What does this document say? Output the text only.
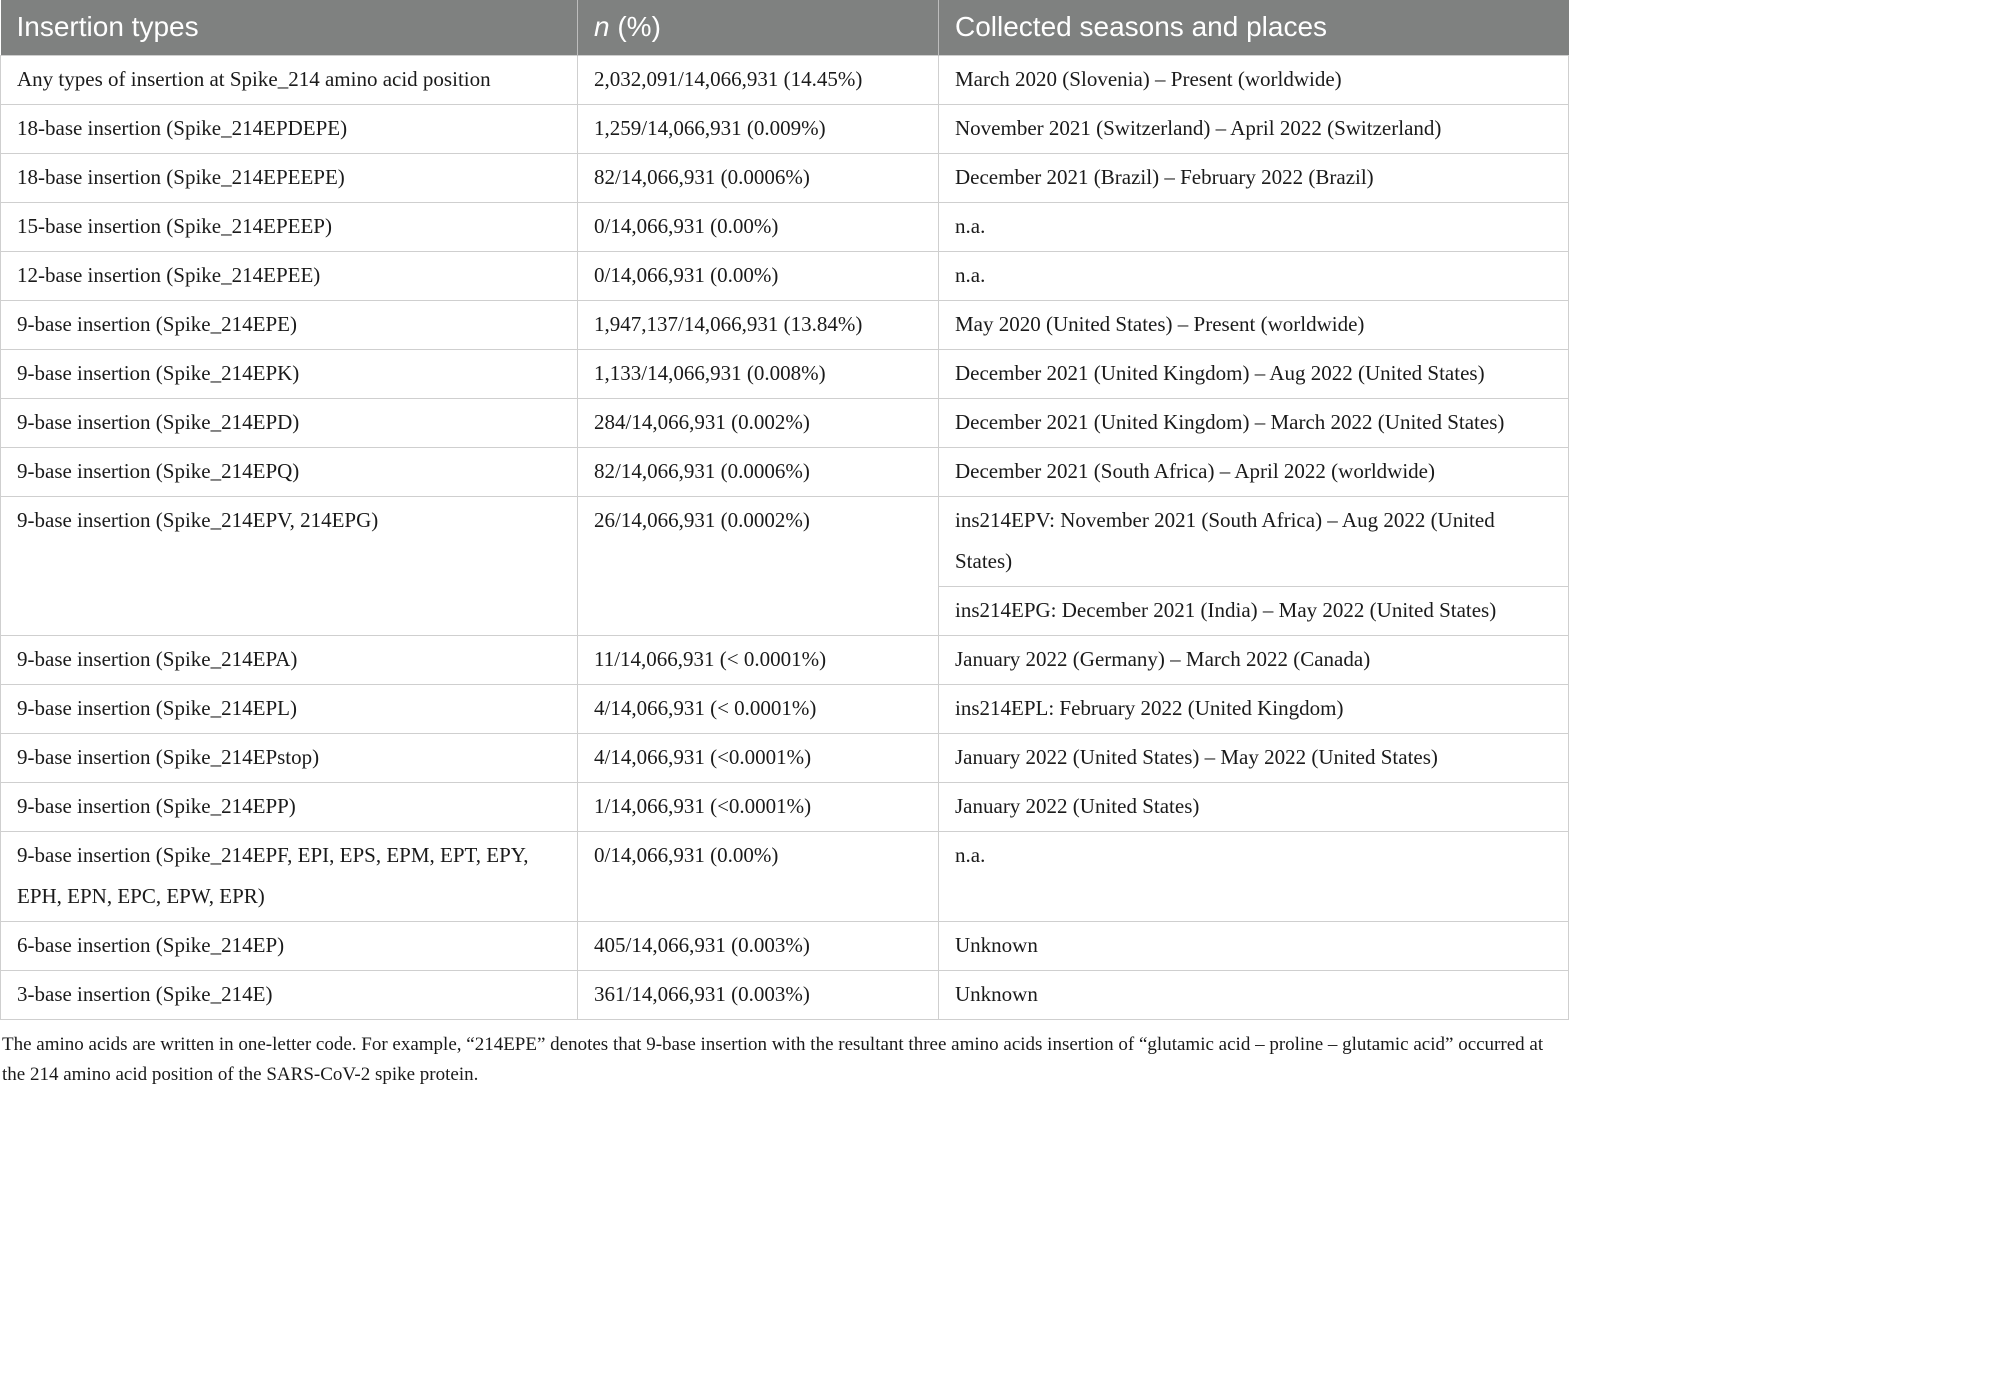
Insertion types	n (%)	Collected seasons and places
Any types of insertion at Spike_214 amino acid position	2,032,091/14,066,931 (14.45%)	March 2020 (Slovenia) – Present (worldwide)
18-base insertion (Spike_214EPDEPE)	1,259/14,066,931 (0.009%)	November 2021 (Switzerland) – April 2022 (Switzerland)
18-base insertion (Spike_214EPEEPE)	82/14,066,931 (0.0006%)	December 2021 (Brazil) – February 2022 (Brazil)
15-base insertion (Spike_214EPEEP)	0/14,066,931 (0.00%)	n.a.
12-base insertion (Spike_214EPEE)	0/14,066,931 (0.00%)	n.a.
9-base insertion (Spike_214EPE)	1,947,137/14,066,931 (13.84%)	May 2020 (United States) – Present (worldwide)
9-base insertion (Spike_214EPK)	1,133/14,066,931 (0.008%)	December 2021 (United Kingdom) – Aug 2022 (United States)
9-base insertion (Spike_214EPD)	284/14,066,931 (0.002%)	December 2021 (United Kingdom) – March 2022 (United States)
9-base insertion (Spike_214EPQ)	82/14,066,931 (0.0006%)	December 2021 (South Africa) – April 2022 (worldwide)
9-base insertion (Spike_214EPV, 214EPG)	26/14,066,931 (0.0002%)	ins214EPV: November 2021 (South Africa) – Aug 2022 (United States)
		ins214EPG: December 2021 (India) – May 2022 (United States)
9-base insertion (Spike_214EPA)	11/14,066,931 (< 0.0001%)	January 2022 (Germany) – March 2022 (Canada)
9-base insertion (Spike_214EPL)	4/14,066,931 (< 0.0001%)	ins214EPL: February 2022 (United Kingdom)
9-base insertion (Spike_214EPstop)	4/14,066,931 (<0.0001%)	January 2022 (United States) – May 2022 (United States)
9-base insertion (Spike_214EPP)	1/14,066,931 (<0.0001%)	January 2022 (United States)
9-base insertion (Spike_214EPF, EPI, EPS, EPM, EPT, EPY, EPH, EPN, EPC, EPW, EPR)	0/14,066,931 (0.00%)	n.a.
6-base insertion (Spike_214EP)	405/14,066,931 (0.003%)	Unknown
3-base insertion (Spike_214E)	361/14,066,931 (0.003%)	Unknown
The amino acids are written in one-letter code. For example, “214EPE” denotes that 9-base insertion with the resultant three amino acids insertion of “glutamic acid – proline – glutamic acid” occurred at the 214 amino acid position of the SARS-CoV-2 spike protein.
